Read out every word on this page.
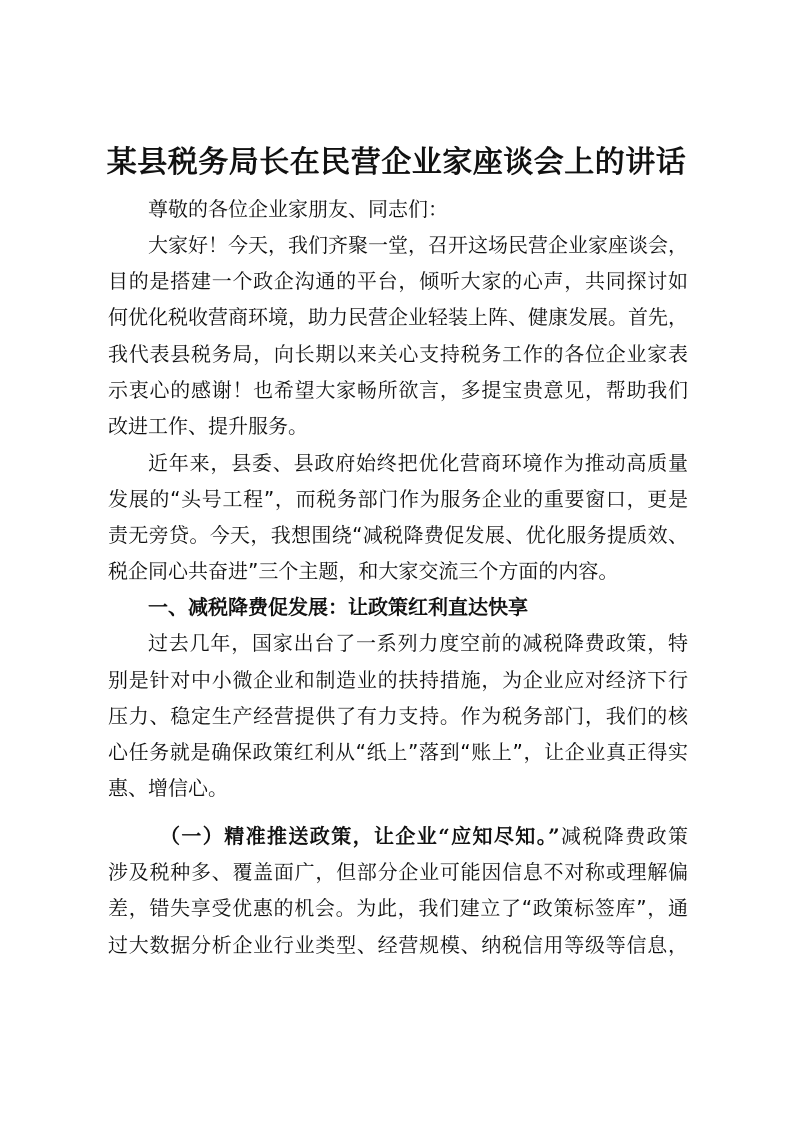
某县税务局长在民营企业家座谈会上的讲话
尊敬的各位企业家朋友、同志们：
大家好！今天，我们齐聚一堂，召开这场民营企业家座谈会，
目的是搭建一个政企沟通的平台，倾听大家的心声，共同探讨如
何优化税收营商环境，助力民营企业轻装上阵、健康发展。首先，
我代表县税务局，向长期以来关心支持税务工作的各位企业家表
示衷心的感谢！也希望大家畅所欲言，多提宝贵意见，帮助我们
改进工作、提升服务。
近年来，县委、县政府始终把优化营商环境作为推动高质量
发展的“头号工程”，而税务部门作为服务企业的重要窗口，更是
责无旁贷。今天，我想围绕“减税降费促发展、优化服务提质效、
税企同心共奋进”三个主题，和大家交流三个方面的内容。
一、减税降费促发展：让政策红利直达快享
过去几年，国家出台了一系列力度空前的减税降费政策，特
别是针对中小微企业和制造业的扶持措施，为企业应对经济下行
压力、稳定生产经营提供了有力支持。作为税务部门，我们的核
心任务就是确保政策红利从“纸上”落到“账上”，让企业真正得实
惠、增信心。
（一）精准推送政策，让企业“应知尽知。”减税降费政策
涉及税种多、覆盖面广，但部分企业可能因信息不对称或理解偏
差，错失享受优惠的机会。为此，我们建立了“政策标签库”，通
过大数据分析企业行业类型、经营规模、纳税信用等级等信息，
